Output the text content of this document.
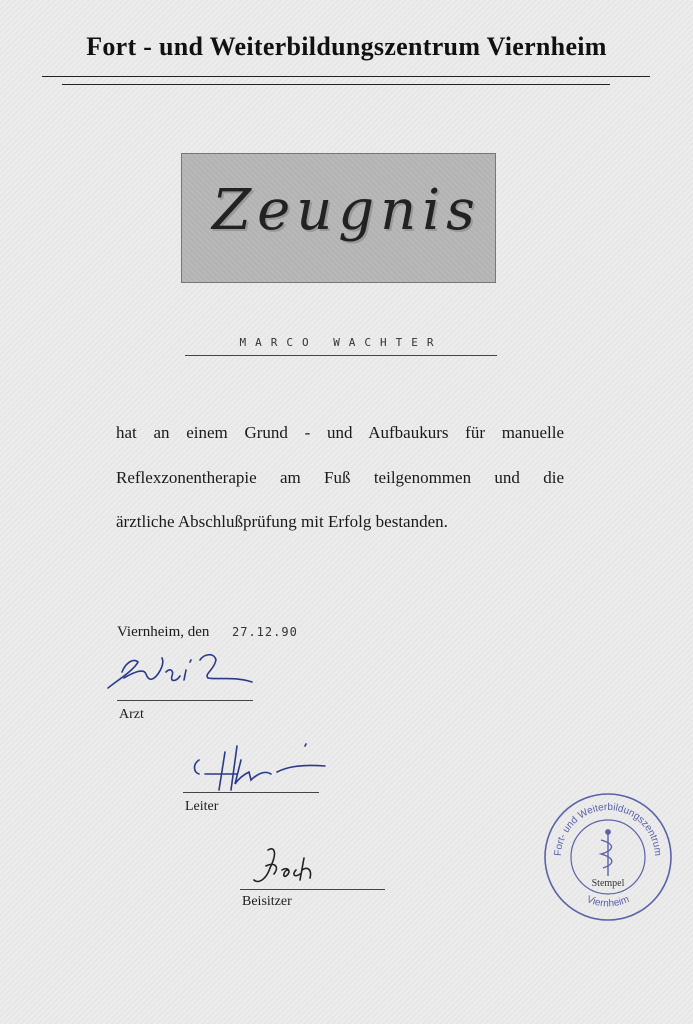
Fort - und Weiterbildungszentrum Viernheim
Zeugnis
MARCO WACHTER
hat an einem Grund - und Aufbaukurs für manuelle
Reflexzonentherapie am Fuß teilgenommen und die
ärztliche Abschlußprüfung mit Erfolg bestanden.
Viernheim, den 27.12.90
Arzt
Leiter
Beisitzer
Fort- und Weiterbildungszentrum
Viernheim
Stempel
